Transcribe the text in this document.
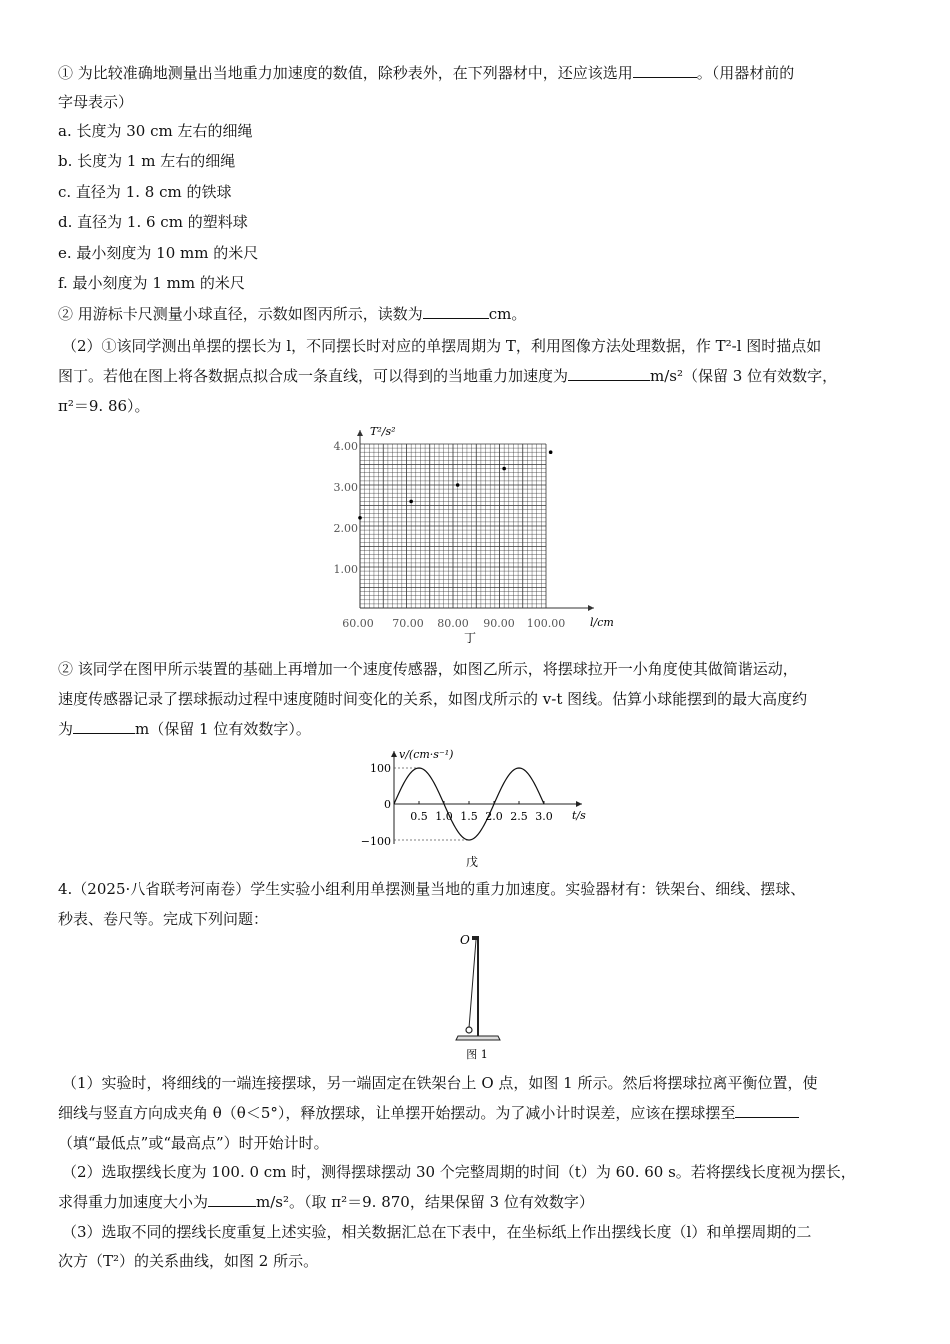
① 为比较准确地测量出当地重力加速度的数值，除秒表外，在下列器材中，还应该选用	。（用器材前的
字母表示）
a. 长度为 30 cm 左右的细绳
b. 长度为 1 m 左右的细绳
c. 直径为 1. 8 cm 的铁球
d. 直径为 1. 6 cm 的塑料球
e. 最小刻度为 10 mm 的米尺
f. 最小刻度为 1 mm 的米尺
② 用游标卡尺测量小球直径，示数如图丙所示，读数为	cm。
（2）①该同学测出单摆的摆长为 l，不同摆长时对应的单摆周期为 T，利用图像方法处理数据，作 T²-l 图时描点如
图丁。若他在图上将各数据点拟合成一条直线，可以得到的当地重力加速度为	m/s²（保留 3 位有效数字，
π²＝9. 86）。
T²/s²
l/cm
4.00
3.00
2.00
1.00
60.00 70.00 80.00 90.00 100.00
丁
② 该同学在图甲所示装置的基础上再增加一个速度传感器，如图乙所示，将摆球拉开一小角度使其做简谐运动，
速度传感器记录了摆球振动过程中速度随时间变化的关系，如图戊所示的 v-t 图线。估算小球能摆到的最大高度约
为	m（保留 1 位有效数字）。
v/(cm·s⁻¹)
t/s
100
0
−100
0.5 1.0 1.5 2.0 2.5 3.0
戊
4.（2025·八省联考河南卷）学生实验小组利用单摆测量当地的重力加速度。实验器材有：铁架台、细线、摆球、
秒表、卷尺等。完成下列问题：
O
图 1
（1）实验时，将细线的一端连接摆球，另一端固定在铁架台上 O 点，如图 1 所示。然后将摆球拉离平衡位置，使
细线与竖直方向成夹角 θ（θ＜5°），释放摆球，让单摆开始摆动。为了减小计时误差，应该在摆球摆至
（填“最低点”或“最高点”）时开始计时。
（2）选取摆线长度为 100. 0 cm 时，测得摆球摆动 30 个完整周期的时间（t）为 60. 60 s。若将摆线长度视为摆长，
求得重力加速度大小为	m/s²。（取 π²＝9. 870，结果保留 3 位有效数字）
（3）选取不同的摆线长度重复上述实验，相关数据汇总在下表中，在坐标纸上作出摆线长度（l）和单摆周期的二
次方（T²）的关系曲线，如图 2 所示。
